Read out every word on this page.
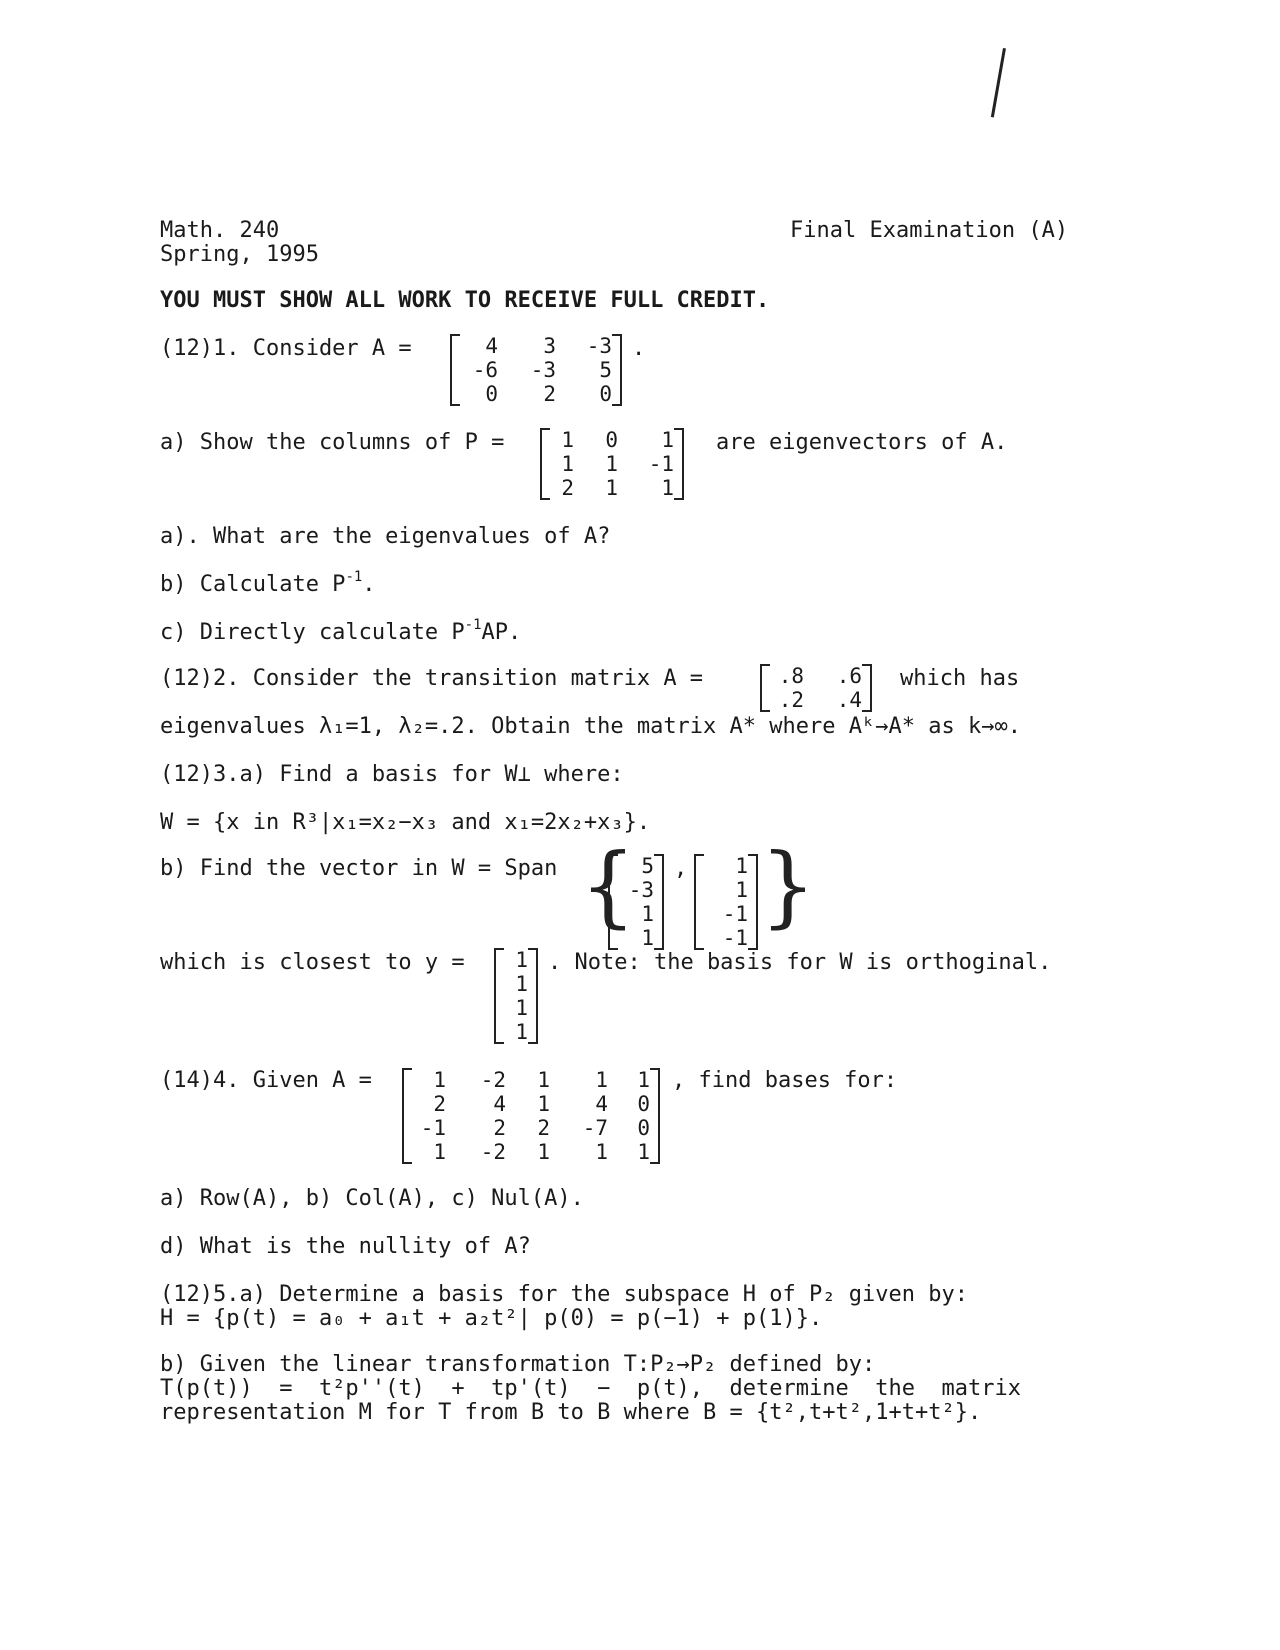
Math. 240
Spring, 1995
Final Examination (A)
YOU MUST SHOW ALL WORK TO RECEIVE FULL CREDIT.
(12)1. Consider A =	4	3	-3
-6	-3	5
0	2	0
.
a) Show the columns of P =	1	0	1
1	1	-1
2	1	1
are eigenvectors of A.
a). What are the eigenvalues of A?
b) Calculate $P^{-1}$.
c) Directly calculate $P^{-1}AP$.
(12)2. Consider the transition matrix A =	.8	.6
.2	.4
which has
eigenvalues λ₁=1, λ₂=.2. Obtain the matrix A* where Aᵏ→A* as k→∞.
(12)3.a) Find a basis for W⊥ where:
W = {x in R³|x₁=x₂−x₃ and x₁=2x₂+x₃}.
b) Find the vector in W = Span { 5
-3
1
1
,	1
1
-1
-1
}
which is closest to y =	1
1
1
1
. Note: the basis for W is orthoginal.
(14)4. Given A =	1	-2	1	1	1
2	4	1	4	0
-1	2	2	-7	0
1	-2	1	1	1
, find bases for:
a) Row(A), b) Col(A), c) Nul(A).
d) What is the nullity of A?
(12)5.a) Determine a basis for the subspace H of P₂ given by:
H = {p(t) = a₀ + a₁t + a₂t²| p(0) = p(−1) + p(1)}.
b) Given the linear transformation T:P₂→P₂ defined by:
T(p(t))  =  t²p''(t)  +  tp'(t)  −  p(t),  determine  the  matrix
representation M for T from B to B where B = {t²,t+t²,1+t+t²}.
